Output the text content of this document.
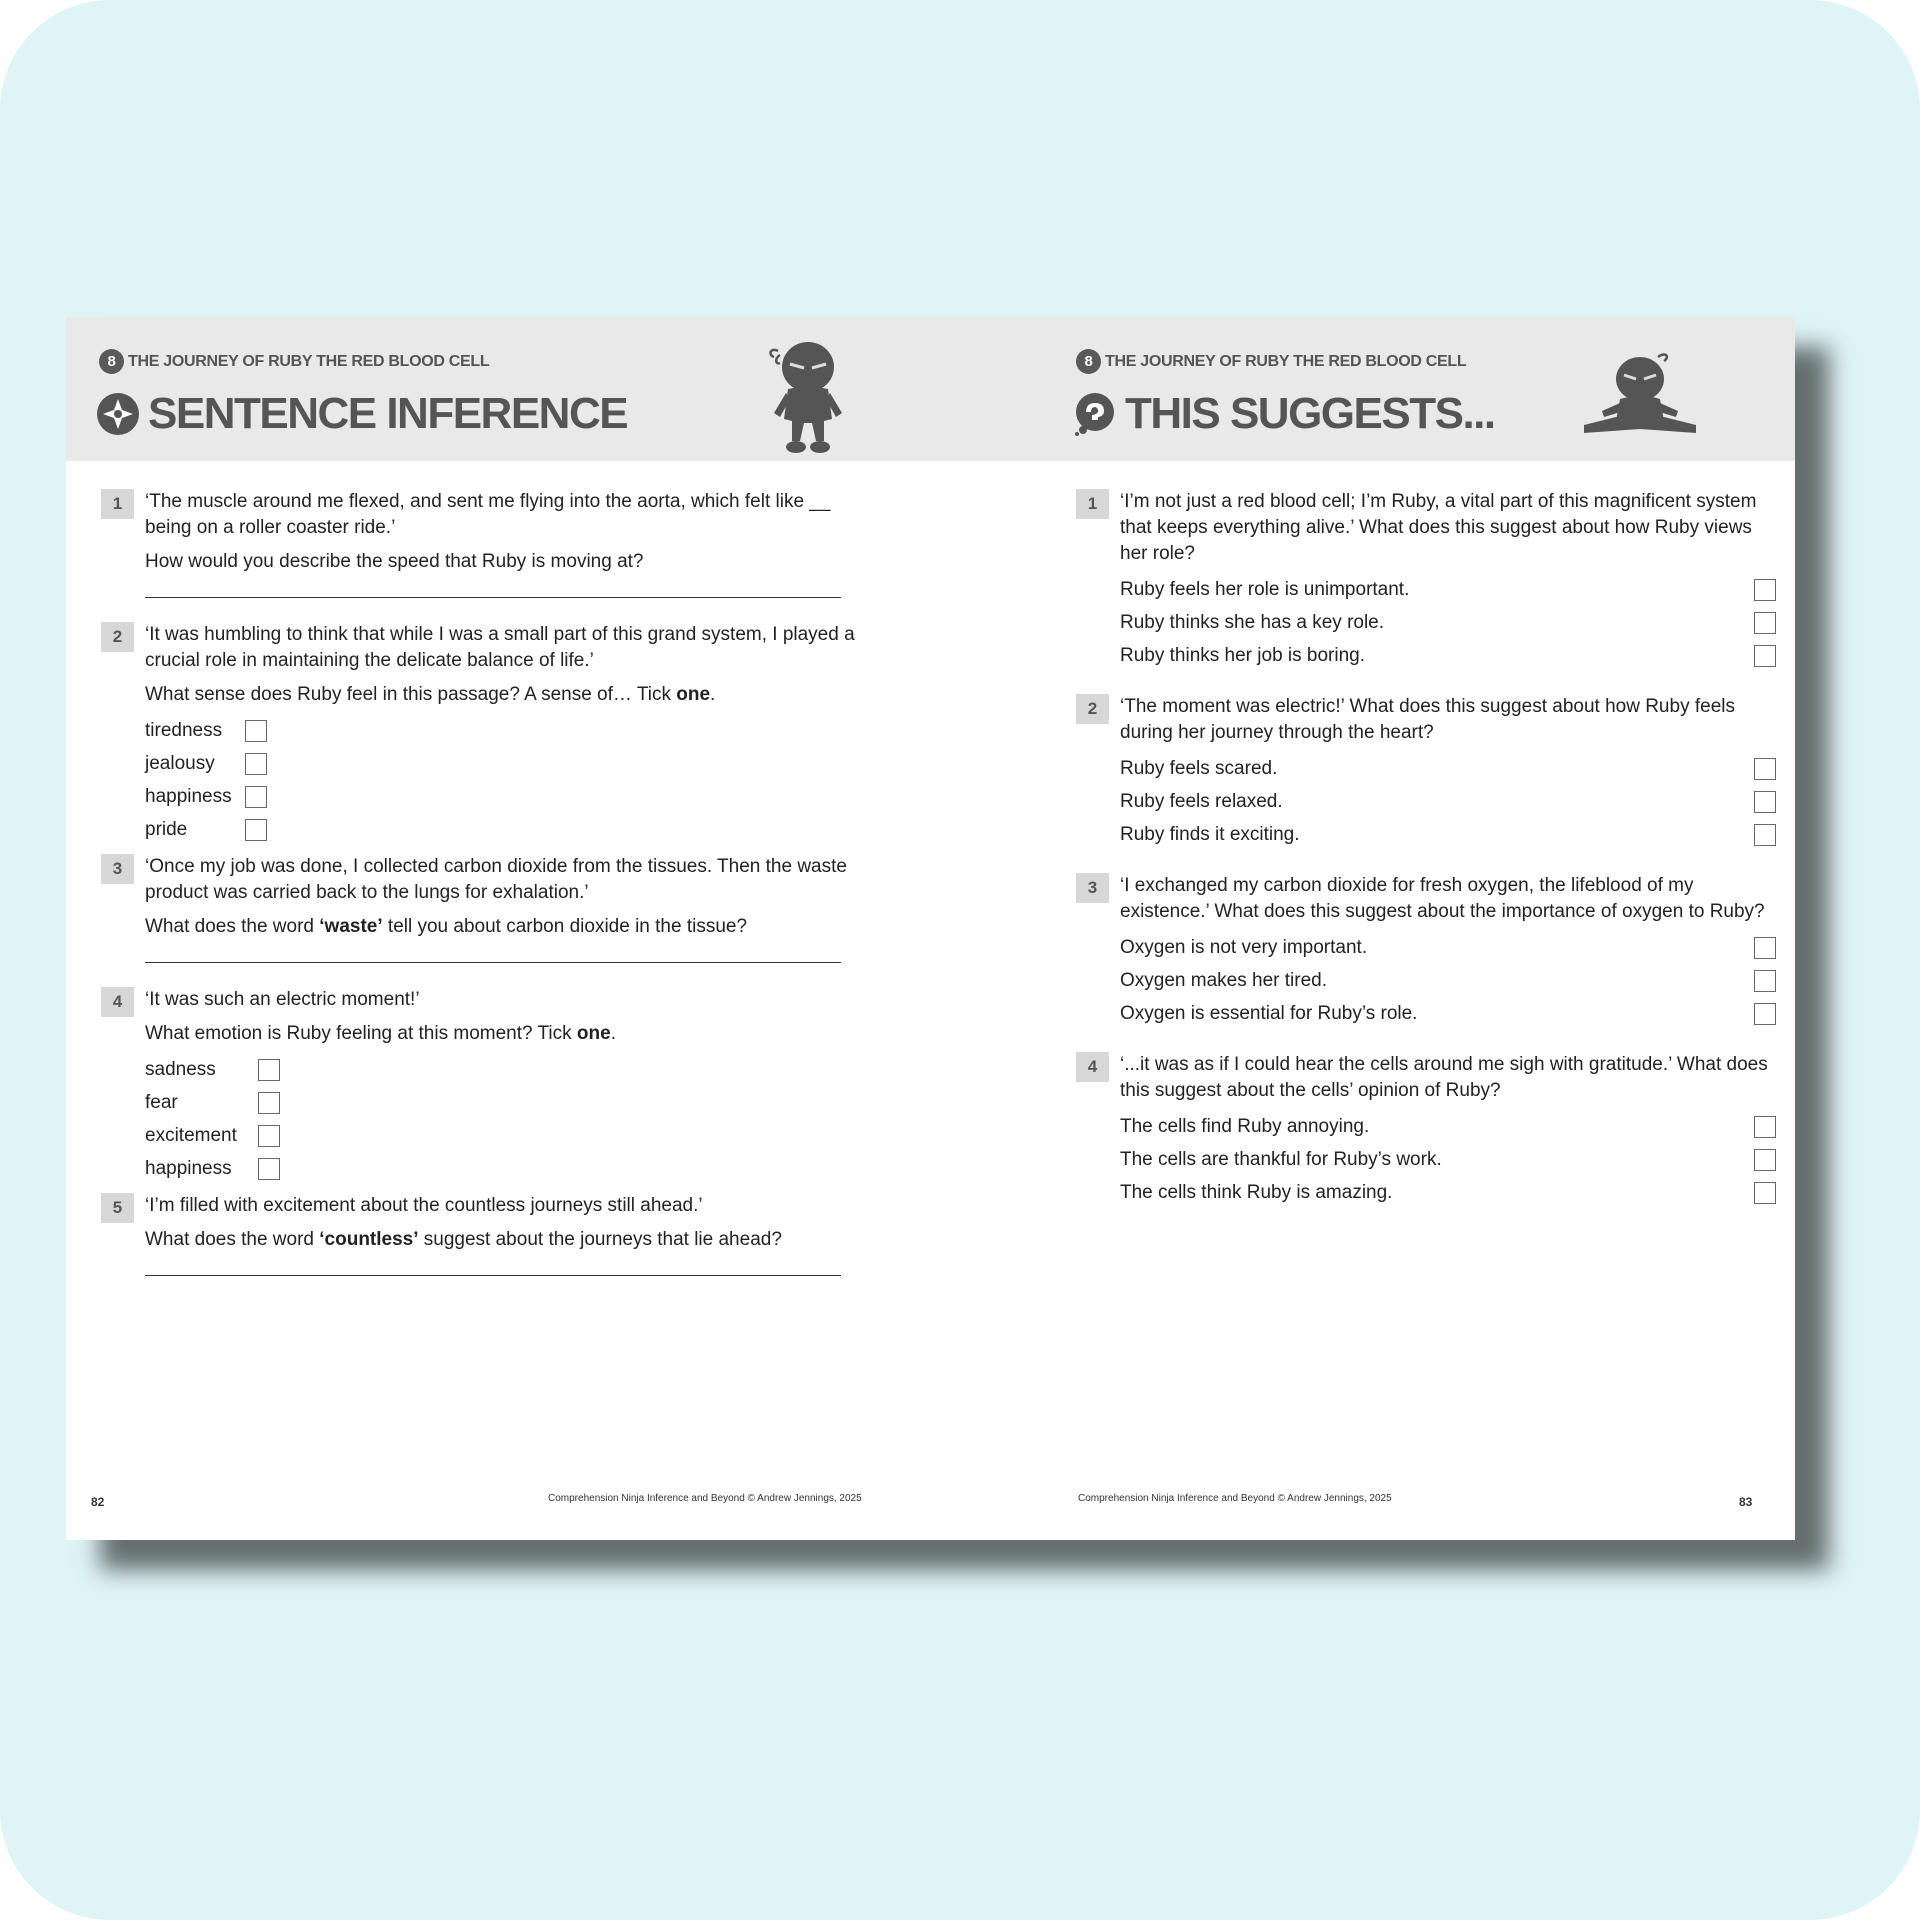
8 THE JOURNEY OF RUBY THE RED BLOOD CELL
SENTENCE INFERENCE
1	‘The muscle around me flexed, and sent me flying into the aorta, which felt like __ being on a roller coaster ride.’

How would you describe the speed that Ruby is moving at?

2	‘It was humbling to think that while I was a small part of this grand system, I played a crucial role in maintaining the delicate balance of life.’

What sense does Ruby feel in this passage? A sense of… Tick one.

tiredness
jealousy
happiness
pride
3	‘Once my job was done, I collected carbon dioxide from the tissues. Then the waste product was carried back to the lungs for exhalation.’

What does the word ‘waste’ tell you about carbon dioxide in the tissue?

4	‘It was such an electric moment!’

What emotion is Ruby feeling at this moment? Tick one.

sadness
fear
excitement
happiness
5	‘I’m filled with excitement about the countless journeys still ahead.’

What does the word ‘countless’ suggest about the journeys that lie ahead?

82	Comprehension Ninja Inference and Beyond © Andrew Jennings, 2025
8 THE JOURNEY OF RUBY THE RED BLOOD CELL
THIS SUGGESTS...
1	‘I’m not just a red blood cell; I’m Ruby, a vital part of this magnificent system that keeps everything alive.’ What does this suggest about how Ruby views her role?

Ruby feels her role is unimportant.
Ruby thinks she has a key role.
Ruby thinks her job is boring.
2	‘The moment was electric!’ What does this suggest about how Ruby feels during her journey through the heart?

Ruby feels scared.
Ruby feels relaxed.
Ruby finds it exciting.
3	‘I exchanged my carbon dioxide for fresh oxygen, the lifeblood of my existence.’ What does this suggest about the importance of oxygen to Ruby?

Oxygen is not very important.
Oxygen makes her tired.
Oxygen is essential for Ruby’s role.
4	‘...it was as if I could hear the cells around me sigh with gratitude.’ What does this suggest about the cells’ opinion of Ruby?

The cells find Ruby annoying.
The cells are thankful for Ruby’s work.
The cells think Ruby is amazing.
Comprehension Ninja Inference and Beyond © Andrew Jennings, 2025	83
